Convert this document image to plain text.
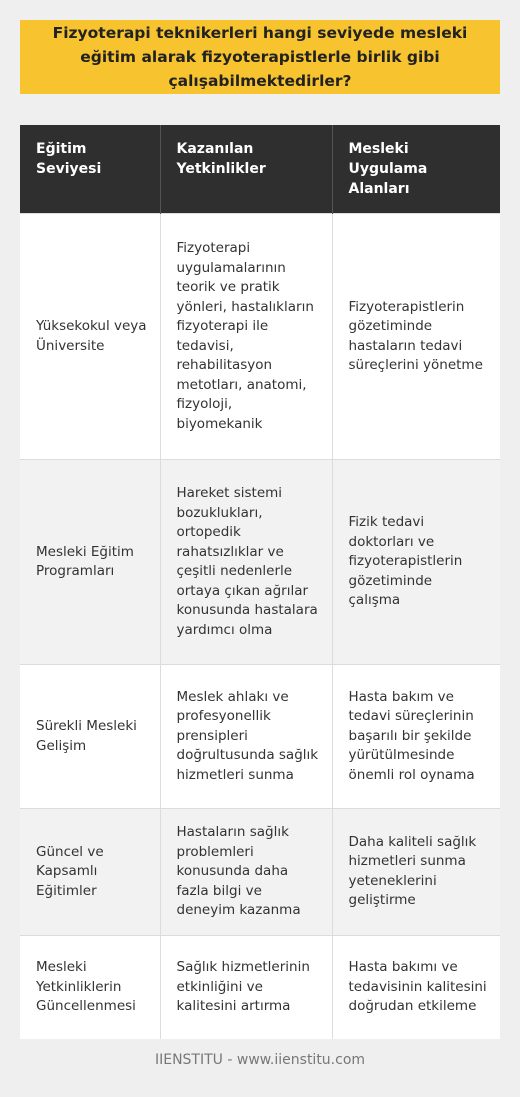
Fizyoterapi teknikerleri hangi seviyede mesleki eğitim alarak fizyoterapistlerle birlik gibi çalışabilmektedirler?
Eğitim Seviyesi	Kazanılan Yetkinlikler	Mesleki Uygulama Alanları
Yüksekokul veya Üniversite	Fizyoterapi uygulamalarının teorik ve pratik yönleri, hastalıkların fizyoterapi ile tedavisi, rehabilitasyon metotları, anatomi, fizyoloji, biyomekanik	Fizyoterapistlerin gözetiminde hastaların tedavi süreçlerini yönetme
Mesleki Eğitim Programları	Hareket sistemi bozuklukları, ortopedik rahatsızlıklar ve çeşitli nedenlerle ortaya çıkan ağrılar konusunda hastalara yardımcı olma	Fizik tedavi doktorları ve fizyoterapistlerin gözetiminde çalışma
Sürekli Mesleki Gelişim	Meslek ahlakı ve profesyonellik prensipleri doğrultusunda sağlık hizmetleri sunma	Hasta bakım ve tedavi süreçlerinin başarılı bir şekilde yürütülmesinde önemli rol oynama
Güncel ve Kapsamlı Eğitimler	Hastaların sağlık problemleri konusunda daha fazla bilgi ve deneyim kazanma	Daha kaliteli sağlık hizmetleri sunma yeteneklerini geliştirme
Mesleki Yetkinliklerin Güncellenmesi	Sağlık hizmetlerinin etkinliğini ve kalitesini artırma	Hasta bakımı ve tedavisinin kalitesini doğrudan etkileme
IIENSTITU - www.iienstitu.com
